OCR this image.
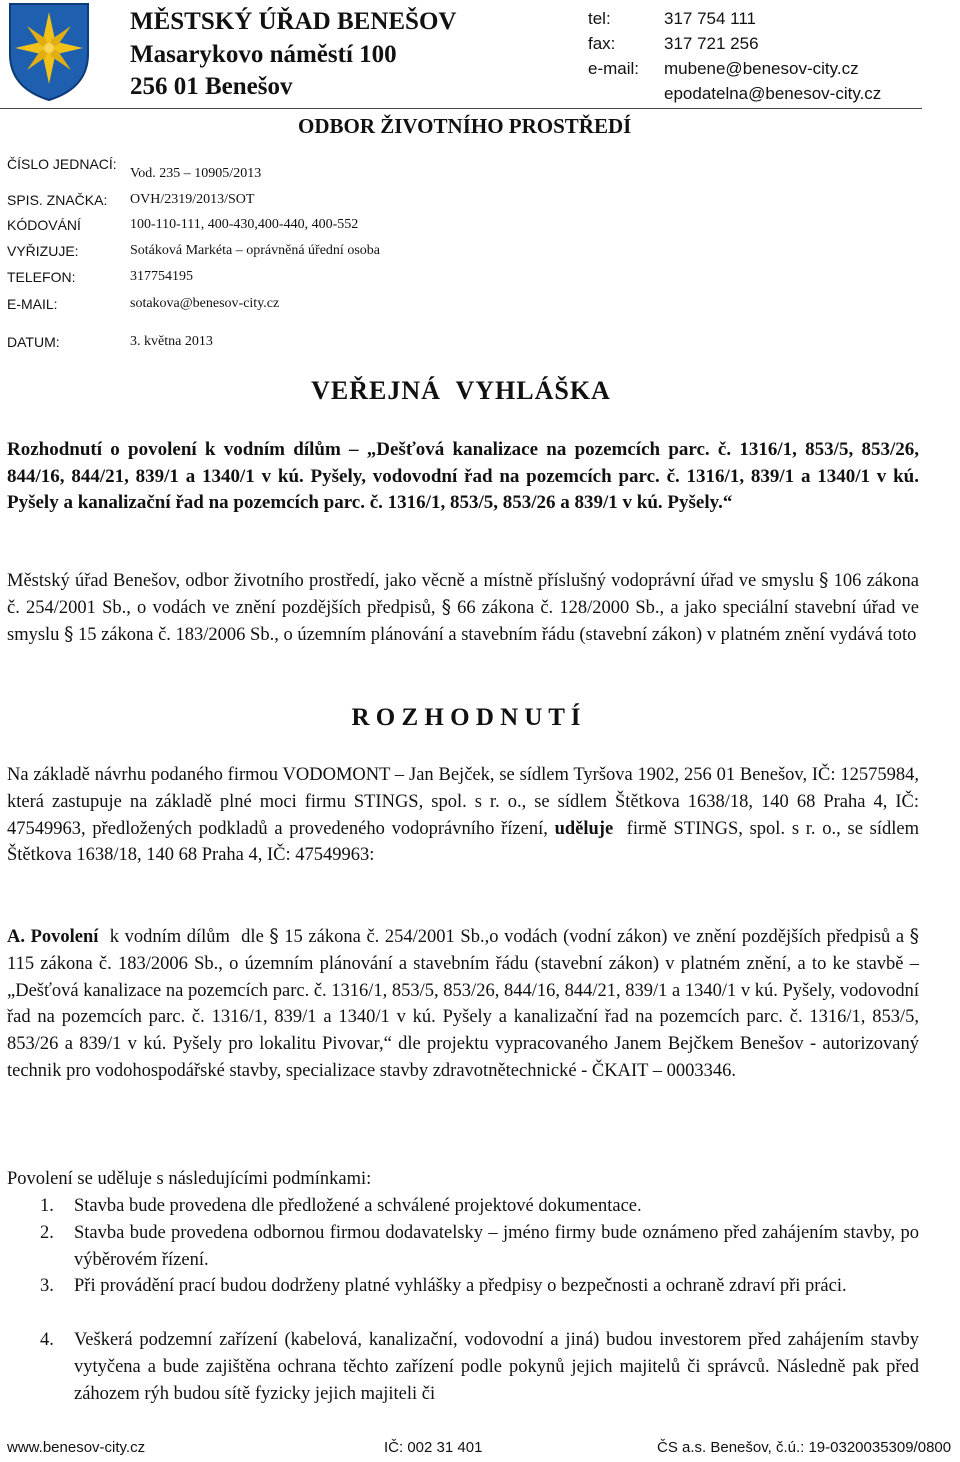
MĚSTSKÝ ÚŘAD BENEŠOV
Masarykovo náměstí 100
256 01 Benešov
tel:	317 754 111
fax:	317 721 256
e-mail: mubene@benesov-city.cz
epodatelna@benesov-city.cz
ODBOR ŽIVOTNÍHO PROSTŘEDÍ
ČÍSLO JEDNACÍ:
Vod. 235 – 10905/2013
SPIS. ZNAČKA: OVH/2319/2013/SOT
KÓDOVÁNÍ	100-110-111, 400-430,400-440, 400-552
VYŘIZUJE:	Sotáková Markéta – oprávněná úřední osoba
TELEFON:	317754195
E-MAIL:	sotakova@benesov-city.cz
DATUM:	3. května 2013
VEŘEJNÁ  VYHLÁŠKA
Rozhodnutí o povolení k vodním dílům – „Dešťová kanalizace na pozemcích parc. č. 1316/1, 853/5, 853/26, 844/16, 844/21, 839/1 a 1340/1 v kú. Pyšely, vodovodní řad na pozemcích parc. č. 1316/1, 839/1 a 1340/1 v kú. Pyšely a kanalizační řad na pozemcích parc. č. 1316/1, 853/5, 853/26 a 839/1 v kú. Pyšely.“
Městský úřad Benešov, odbor životního prostředí, jako věcně a místně příslušný vodoprávní úřad ve smyslu § 106 zákona č. 254/2001 Sb., o vodách ve znění pozdějších předpisů, § 66 zákona č. 128/2000 Sb., a jako speciální stavební úřad ve smyslu § 15 zákona č. 183/2006 Sb., o územním plánování a stavebním řádu (stavební zákon) v platném znění vydává toto
R O Z H O D N U T Í
Na základě návrhu podaného firmou VODOMONT – Jan Bejček, se sídlem Tyršova 1902, 256 01 Benešov, IČ: 12575984, která zastupuje na základě plné moci firmu STINGS, spol. s r. o., se sídlem Štětkova 1638/18, 140 68 Praha 4, IČ: 47549963, předložených podkladů a provedeného vodoprávního řízení, uděluje  firmě STINGS, spol. s r. o., se sídlem Štětkova 1638/18, 140 68 Praha 4, IČ: 47549963:
A. Povolení  k vodním dílům  dle § 15 zákona č. 254/2001 Sb.,o vodách (vodní zákon) ve znění pozdějších předpisů a § 115 zákona č. 183/2006 Sb., o územním plánování a stavebním řádu (stavební zákon) v platném znění, a to ke stavbě – „Dešťová kanalizace na pozemcích parc. č. 1316/1, 853/5, 853/26, 844/16, 844/21, 839/1 a 1340/1 v kú. Pyšely, vodovodní řad na pozemcích parc. č. 1316/1, 839/1 a 1340/1 v kú. Pyšely a kanalizační řad na pozemcích parc. č. 1316/1, 853/5, 853/26 a 839/1 v kú. Pyšely pro lokalitu Pivovar,“ dle projektu vypracovaného Janem Bejčkem Benešov - autorizovaný technik pro vodohospodářské stavby, specializace stavby zdravotnětechnické - ČKAIT – 0003346.
Povolení se uděluje s následujícími podmínkami:
1. Stavba bude provedena dle předložené a schválené projektové dokumentace.
2. Stavba bude provedena odbornou firmou dodavatelsky – jméno firmy bude oznámeno před zahájením stavby, po výběrovém řízení.
3. Při provádění prací budou dodrženy platné vyhlášky a předpisy o bezpečnosti a ochraně zdraví při práci.
4. Veškerá podzemní zařízení (kabelová, kanalizační, vodovodní a jiná) budou investorem před zahájením stavby vytyčena a bude zajištěna ochrana těchto zařízení podle pokynů jejich majitelů či správců. Následně pak před záhozem rýh budou sítě fyzicky jejich majiteli či
www.benesov-city.cz	IČ: 002 31 401	ČS a.s. Benešov, č.ú.: 19-0320035309/0800
